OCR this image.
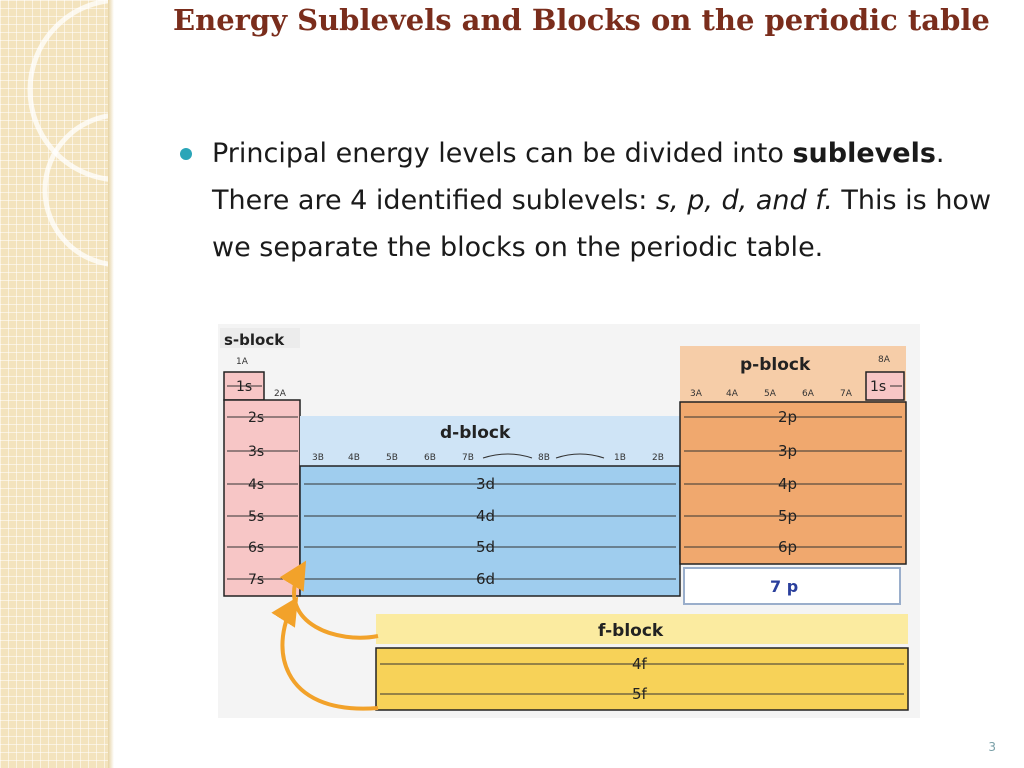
Energy Sublevels and Blocks on the periodic table

Principal energy levels can be divided into sublevels. There are 4 identified sublevels: s, p, d, and f. This is how we separate the blocks on the periodic table.

s-block
1A
2A
1s
2s
3s
4s
5s
6s
7s
d-block
3B	4B	5B	6B	7B	8B	1B	2B
3d
4d
5d
6d
p-block	8A
3A	4A	5A	6A	7A 1s
2p
3p
4p
5p
6p
7 p
f-block
4f
5f
3
